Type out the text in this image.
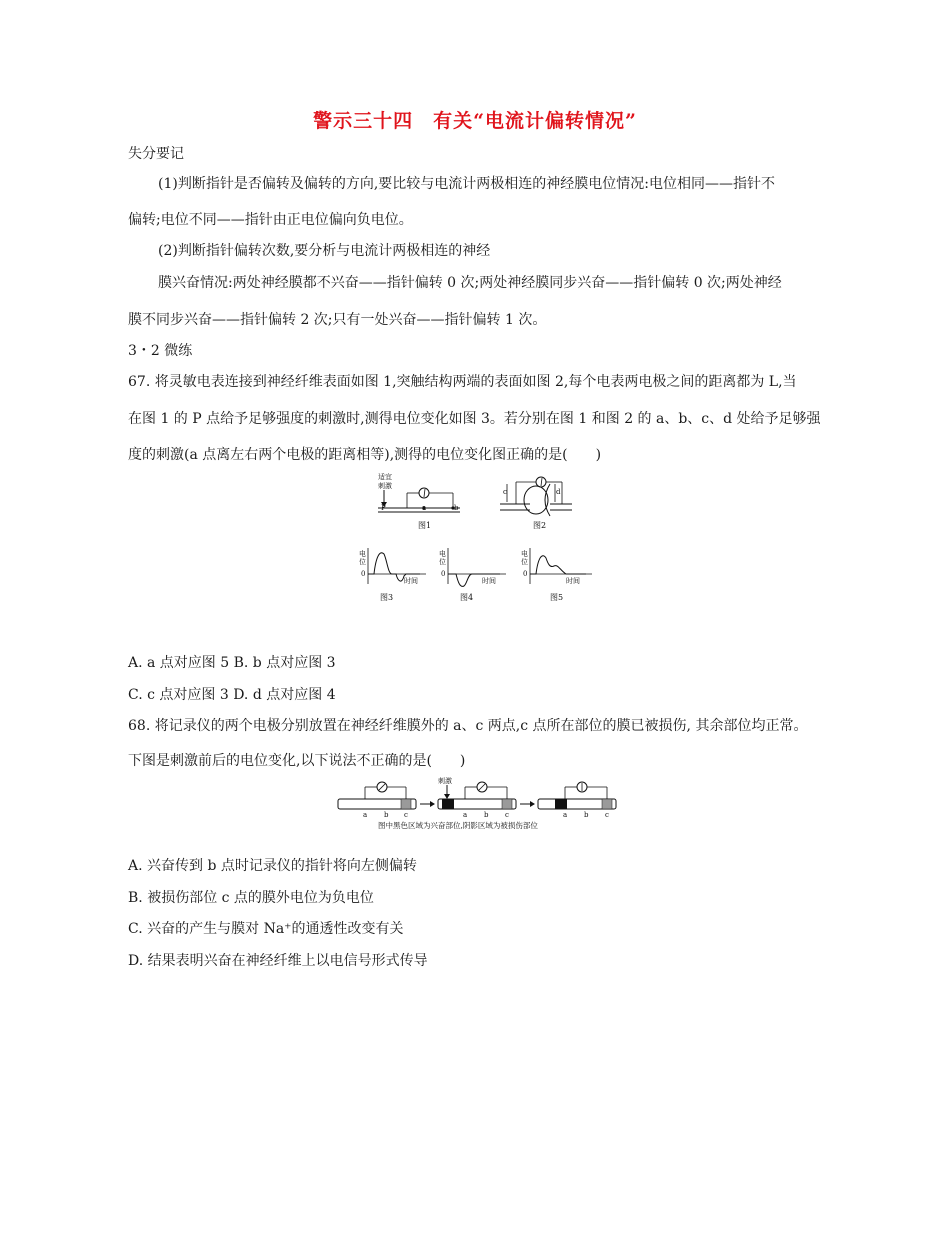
警示三十四　有关“电流计偏转情况”
失分要记
(1)判断指针是否偏转及偏转的方向,要比较与电流计两极相连的神经膜电位情况:电位相同——指针不
偏转;电位不同——指针由正电位偏向负电位。
(2)判断指针偏转次数,要分析与电流计两极相连的神经
膜兴奋情况:两处神经膜都不兴奋——指针偏转 0 次;两处神经膜同步兴奋——指针偏转 0 次;两处神经
膜不同步兴奋——指针偏转 2 次;只有一处兴奋——指针偏转 1 次。
3・2 微练
67. 将灵敏电表连接到神经纤维表面如图 1,突触结构两端的表面如图 2,每个电表两电极之间的距离都为 L,当
在图 1 的 P 点给予足够强度的刺激时,测得电位变化如图 3。若分别在图 1 和图 2 的 a、b、c、d 处给予足够强
度的刺激(a 点离左右两个电极的距离相等),测得的电位变化图正确的是(　　)
适宜
刺激
P	a	b
图1
c	d
图2
电
位
0
时间
图3
电
位
0
时间
图4
电
位
0
时间
图5
A. a 点对应图 5 B. b 点对应图 3
C. c 点对应图 3 D. d 点对应图 4
68. 将记录仪的两个电极分别放置在神经纤维膜外的 a、c 两点,c 点所在部位的膜已被损伤, 其余部位均正常。
下图是刺激前后的电位变化,以下说法不正确的是(　　)
a b c
刺激
a b c	a b c
图中黑色区域为兴奋部位,阴影区域为被损伤部位
A. 兴奋传到 b 点时记录仪的指针将向左侧偏转
B. 被损伤部位 c 点的膜外电位为负电位
C. 兴奋的产生与膜对 Na⁺的通透性改变有关
D. 结果表明兴奋在神经纤维上以电信号形式传导
